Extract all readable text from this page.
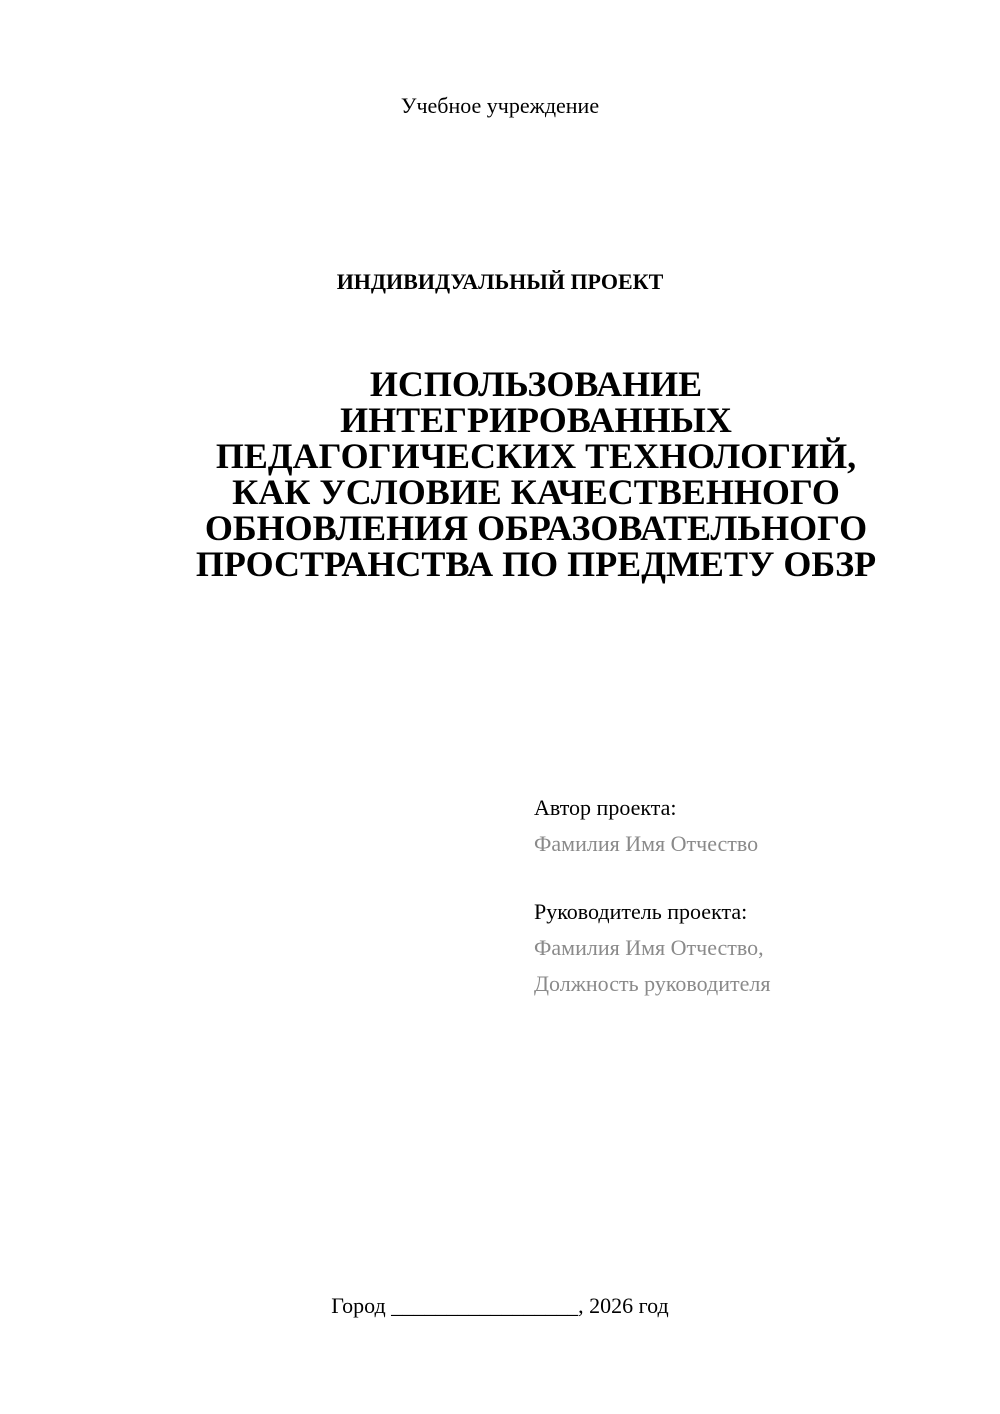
Учебное учреждение
ИНДИВИДУАЛЬНЫЙ ПРОЕКТ
ИСПОЛЬЗОВАНИЕ
ИНТЕГРИРОВАННЫХ
ПЕДАГОГИЧЕСКИХ ТЕХНОЛОГИЙ,
КАК УСЛОВИЕ КАЧЕСТВЕННОГО
ОБНОВЛЕНИЯ ОБРАЗОВАТЕЛЬНОГО
ПРОСТРАНСТВА ПО ПРЕДМЕТУ ОБЗР
Автор проекта:
Фамилия Имя Отчество
Руководитель проекта:
Фамилия Имя Отчество,
Должность руководителя
Город _________________, 2026 год
